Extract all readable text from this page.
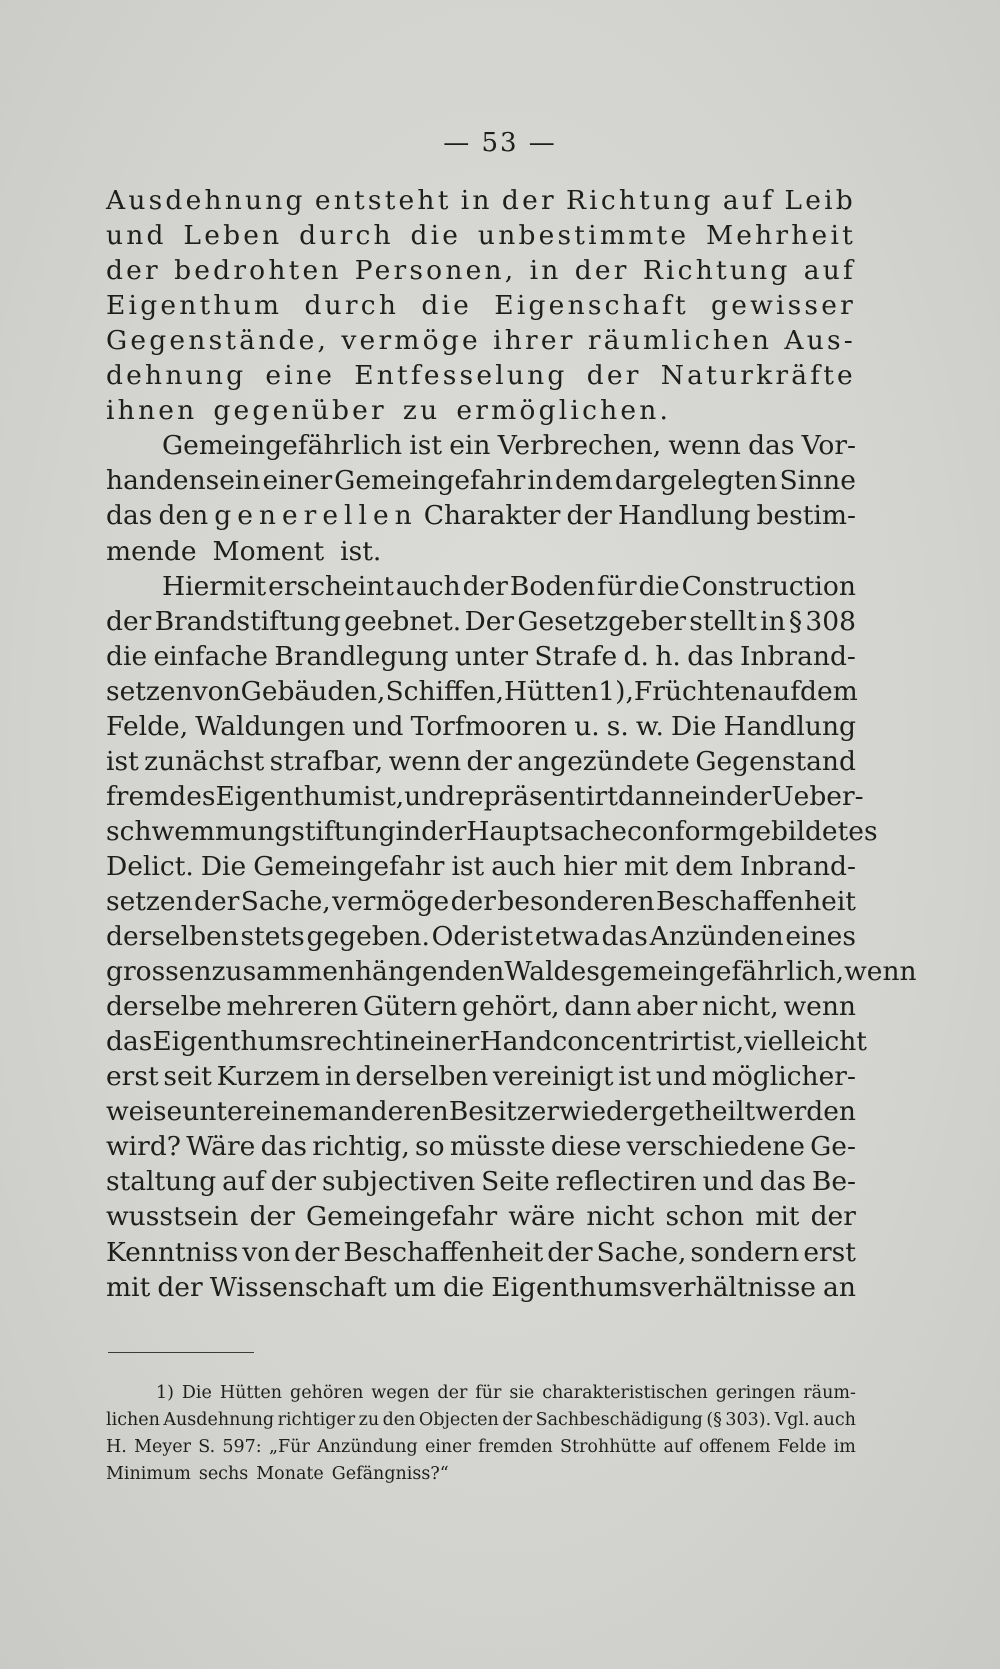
— 53 —
Ausdehnung entsteht in der Richtung auf Leib
und Leben durch die unbestimmte Mehrheit
der bedrohten Personen, in der Richtung auf
Eigenthum durch die Eigenschaft gewisser
Gegenstände, vermöge ihrer räumlichen Aus-
dehnung eine Entfesselung der Naturkräfte
ihnen gegenüber zu ermöglichen.
Gemeingefährlich ist ein Verbrechen, wenn das Vor-
handensein einer Gemeingefahr in dem dargelegten Sinne
das den generellen Charakter der Handlung bestim-
mende Moment ist.
Hiermit erscheint auch der Boden für die Construction
der Brandstiftung geebnet. Der Gesetzgeber stellt in § 308
die einfache Brandlegung unter Strafe d. h. das Inbrand-
setzen von Gebäuden, Schiffen, Hütten 1), Früchten auf dem
Felde, Waldungen und Torfmooren u. s. w. Die Handlung
ist zunächst strafbar, wenn der angezündete Gegenstand
fremdes Eigenthum ist, und repräsentirt dann ein der Ueber-
schwemmungstiftung in der Hauptsache conform gebildetes
Delict. Die Gemeingefahr ist auch hier mit dem Inbrand-
setzen der Sache, vermöge der besonderen Beschaffenheit
derselben stets gegeben. Oder ist etwa das Anzünden eines
grossen zusammenhängenden Waldes gemeingefährlich, wenn
derselbe mehreren Gütern gehört, dann aber nicht, wenn
das Eigenthumsrecht in einer Hand concentrirt ist, vielleicht
erst seit Kurzem in derselben vereinigt ist und möglicher-
weise unter einem anderen Besitzer wieder getheilt werden
wird? Wäre das richtig, so müsste diese verschiedene Ge-
staltung auf der subjectiven Seite reflectiren und das Be-
wusstsein der Gemeingefahr wäre nicht schon mit der
Kenntniss von der Beschaffenheit der Sache, sondern erst
mit der Wissenschaft um die Eigenthumsverhältnisse an
1) Die Hütten gehören wegen der für sie charakteristischen geringen räum-
lichen Ausdehnung richtiger zu den Objecten der Sachbeschädigung (§ 303). Vgl. auch
H. Meyer S. 597: „Für Anzündung einer fremden Strohhütte auf offenem Felde im
Minimum sechs Monate Gefängniss?“
